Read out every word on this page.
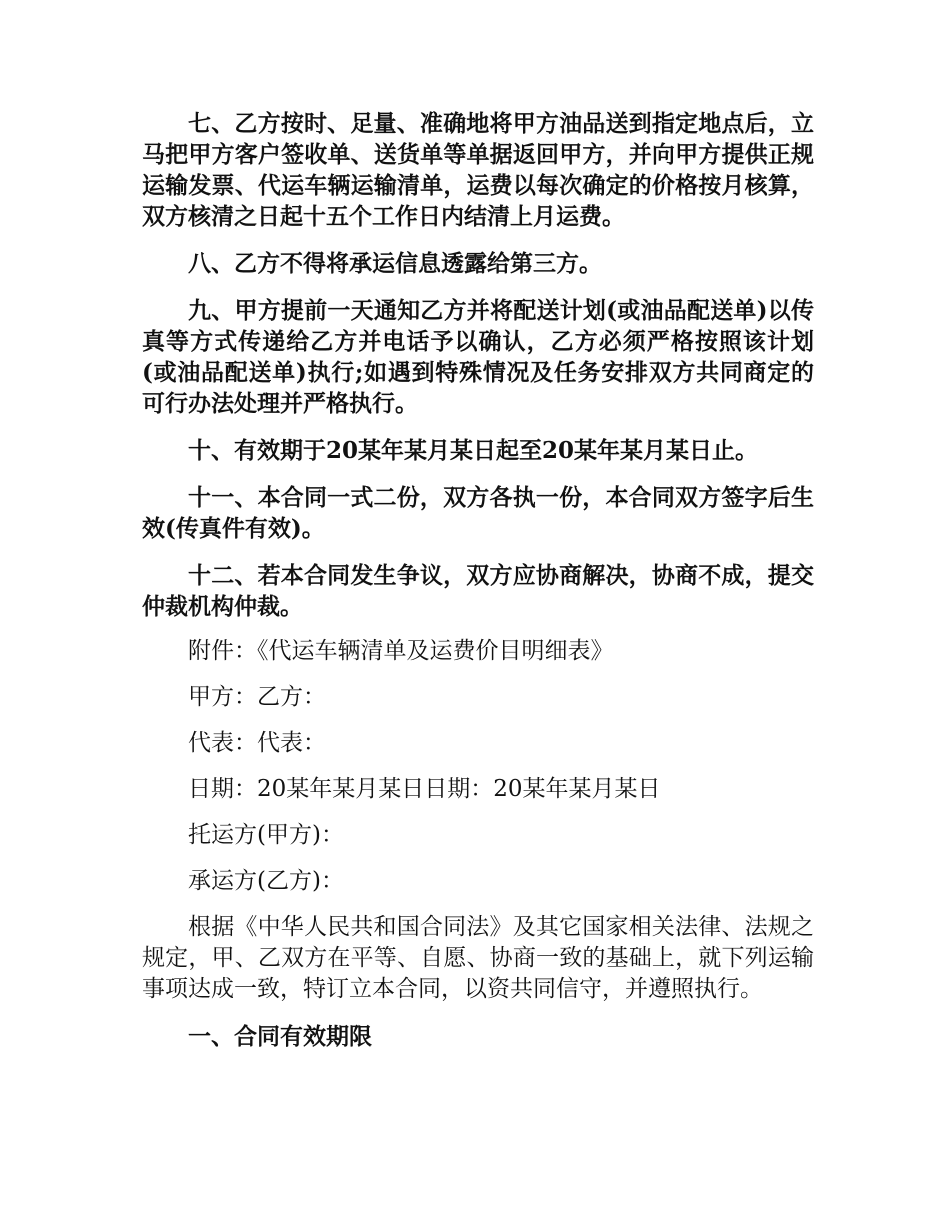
七、乙方按时、足量、准确地将甲方油品送到指定地点后，立马把甲方客户签收单、送货单等单据返回甲方，并向甲方提供正规运输发票、代运车辆运输清单，运费以每次确定的价格按月核算，双方核清之日起十五个工作日内结清上月运费。

八、乙方不得将承运信息透露给第三方。

九、甲方提前一天通知乙方并将配送计划(或油品配送单)以传真等方式传递给乙方并电话予以确认，乙方必须严格按照该计划(或油品配送单)执行;如遇到特殊情况及任务安排双方共同商定的可行办法处理并严格执行。

十、有效期于20某年某月某日起至20某年某月某日止。

十一、本合同一式二份，双方各执一份，本合同双方签字后生效(传真件有效)。

十二、若本合同发生争议，双方应协商解决，协商不成，提交仲裁机构仲裁。

附件：《代运车辆清单及运费价目明细表》

甲方：乙方：

代表：代表：

日期：20某年某月某日日期：20某年某月某日

托运方(甲方)：

承运方(乙方)：

根据《中华人民共和国合同法》及其它国家相关法律、法规之规定，甲、乙双方在平等、自愿、协商一致的基础上，就下列运输事项达成一致，特订立本合同，以资共同信守，并遵照执行。

一、合同有效期限
